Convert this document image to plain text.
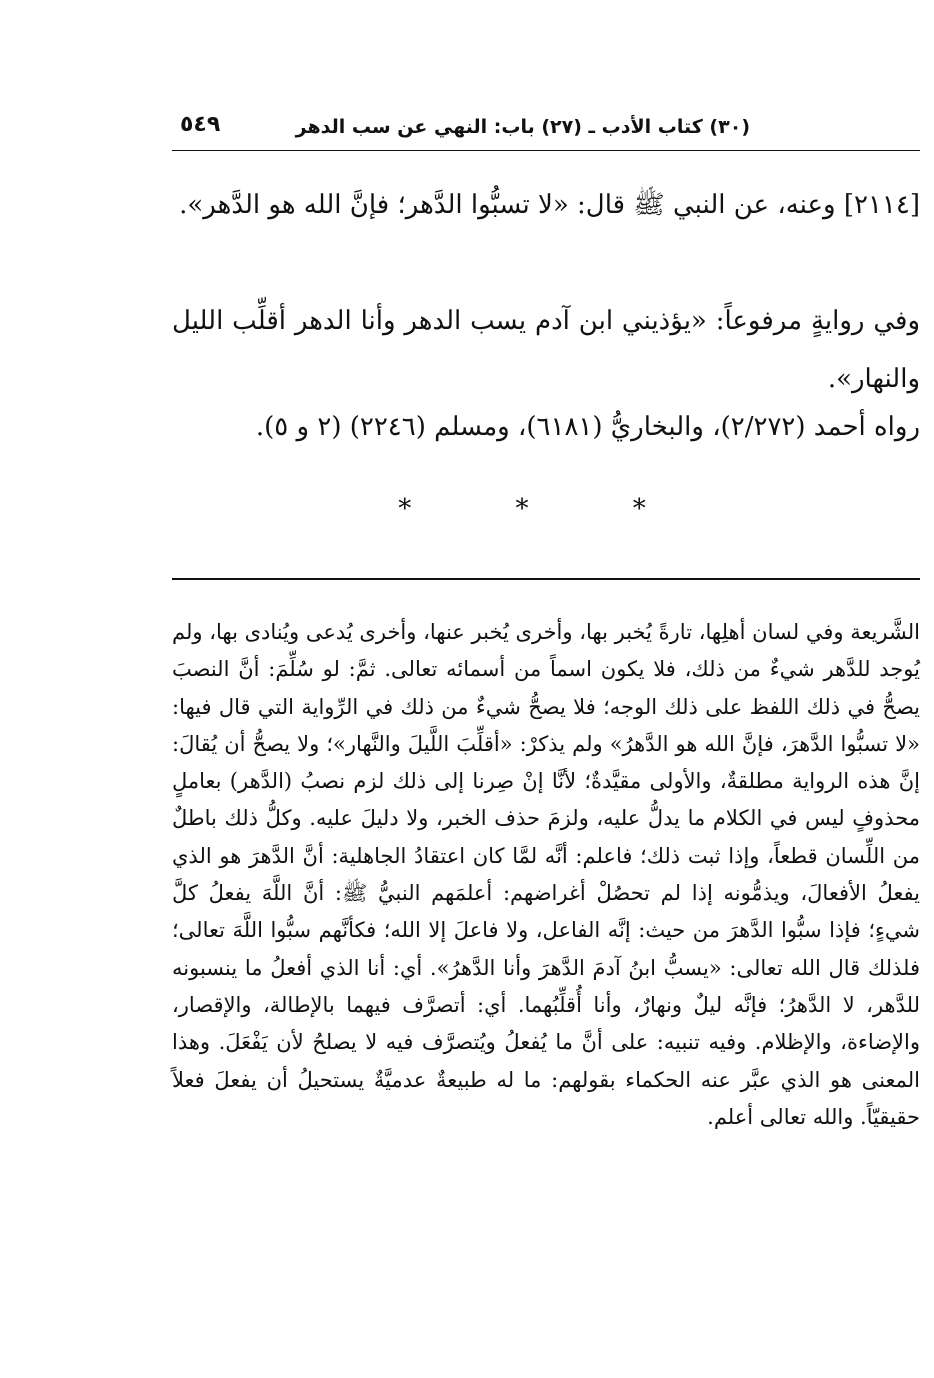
(٣٠) كتاب الأدب ـ (٢٧) باب: النهي عن سب الدهر
٥٤٩

[٢١١٤] وعنه، عن النبي ﷺ قال: «لا تسبُّوا الدَّهر؛ فإنَّ الله هو الدَّهر».

وفي روايةٍ مرفوعاً: «يؤذيني ابن آدم يسب الدهر وأنا الدهر أقلِّب الليل والنهار».

رواه أحمد (٢/٢٧٢)، والبخاريُّ (٦١٨١)، ومسلم (٢٢٤٦) (٢ و ٥).

* * *

الشَّريعة وفي لسان أهلِها، تارةً يُخبر بها، وأخرى يُخبر عنها، وأخرى يُدعى ويُنادى بها، ولم يُوجد للدَّهر شيءٌ من ذلك، فلا يكون اسماً من أسمائه تعالى. ثمَّ: لو سُلِّمَ: أنَّ النصبَ يصحُّ في ذلك اللفظ على ذلك الوجه؛ فلا يصحُّ شيءٌ من ذلك في الرِّواية التي قال فيها: «لا تسبُّوا الدَّهرَ، فإنَّ الله هو الدَّهرُ» ولم يذكرْ: «أقلِّبَ اللَّيلَ والنَّهار»؛ ولا يصحُّ أن يُقالَ: إنَّ هذه الرواية مطلقةٌ، والأولى مقيَّدةٌ؛ لأنَّا إنْ صِرنا إلى ذلك لزم نصبُ (الدَّهر) بعاملٍ محذوفٍ ليس في الكلام ما يدلُّ عليه، ولزمَ حذف الخبر، ولا دليلَ عليه. وكلُّ ذلك باطلٌ من اللِّسان قطعاً، وإذا ثبت ذلك؛ فاعلم: أنَّه لمَّا كان اعتقادُ الجاهلية: أنَّ الدَّهرَ هو الذي يفعلُ الأفعالَ، ويذمُّونه إذا لم تحصُلْ أغراضهم: أعلمَهم النبيُّ ﷺ: أنَّ اللَّهَ يفعلُ كلَّ شيءٍ؛ فإذا سبُّوا الدَّهرَ من حيث: إنَّه الفاعل، ولا فاعلَ إلا الله؛ فكأنَّهم سبُّوا اللَّهَ تعالى؛ فلذلك قال الله تعالى: «يسبُّ ابنُ آدمَ الدَّهرَ وأنا الدَّهرُ». أي: أنا الذي أفعلُ ما ينسبونه للدَّهر، لا الدَّهرُ؛ فإنَّه ليلٌ ونهارٌ، وأنا أُقلِّبُهما. أي: أتصرَّف فيهما بالإطالة، والإقصار، والإضاءة، والإظلام. وفيه تنبيه: على أنَّ ما يُفعلُ ويُتصرَّف فيه لا يصلحُ لأن يَفْعَلَ. وهذا المعنى هو الذي عبَّر عنه الحكماء بقولهم: ما له طبيعةٌ عدميَّةٌ يستحيلُ أن يفعلَ فعلاً حقيقيّاً. والله تعالى أعلم.
